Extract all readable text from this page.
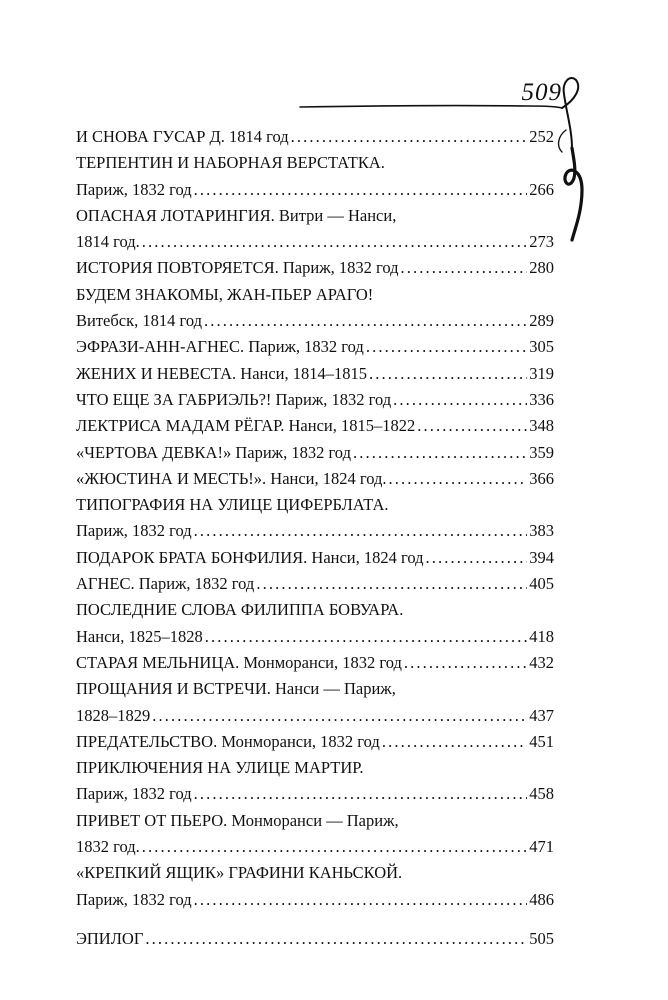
509
И СНОВА ГУСАР Д. 1814 год . . .	252
ТЕРПЕНТИН И НАБОРНАЯ ВЕРСТАТКА.
Париж, 1832 год . . .	266
ОПАСНАЯ ЛОТАРИНГИЯ. Витри — Нанси,
1814 год. . . .	273
ИСТОРИЯ ПОВТОРЯЕТСЯ. Париж, 1832 год . . .	280
БУДЕМ ЗНАКОМЫ, ЖАН-ПЬЕР АРАГО!
Витебск, 1814 год . . .	289
ЭФРАЗИ-АНН-АГНЕС. Париж, 1832 год . . .	305
ЖЕНИХ И НЕВЕСТА. Нанси, 1814–1815 . . .	319
ЧТО ЕЩЕ ЗА ГАБРИЭЛЬ?! Париж, 1832 год . . .	336
ЛЕКТРИСА МАДАМ РЁГАР. Нанси, 1815–1822 . . .	348
«ЧЕРТОВА ДЕВКА!» Париж, 1832 год . . .	359
«ЖЮСТИНА И МЕСТЬ!». Нанси, 1824 год. . . .	366
ТИПОГРАФИЯ НА УЛИЦЕ ЦИФЕРБЛАТА.
Париж, 1832 год . . .	383
ПОДАРОК БРАТА БОНФИЛИЯ. Нанси, 1824 год . . .	394
АГНЕС. Париж, 1832 год . . .	405
ПОСЛЕДНИЕ СЛОВА ФИЛИППА БОВУАРА.
Нанси, 1825–1828 . . .	418
СТАРАЯ МЕЛЬНИЦА. Монморанси, 1832 год . . .	432
ПРОЩАНИЯ И ВСТРЕЧИ. Нанси — Париж,
1828–1829 . . .	437
ПРЕДАТЕЛЬСТВО. Монморанси, 1832 год . . .	451
ПРИКЛЮЧЕНИЯ НА УЛИЦЕ МАРТИР.
Париж, 1832 год . . .	458
ПРИВЕТ ОТ ПЬЕРО. Монморанси — Париж,
1832 год. . . .	471
«КРЕПКИЙ ЯЩИК» ГРАФИНИ КАНЬСКОЙ.
Париж, 1832 год . . .	486
ЭПИЛОГ . . .	505
